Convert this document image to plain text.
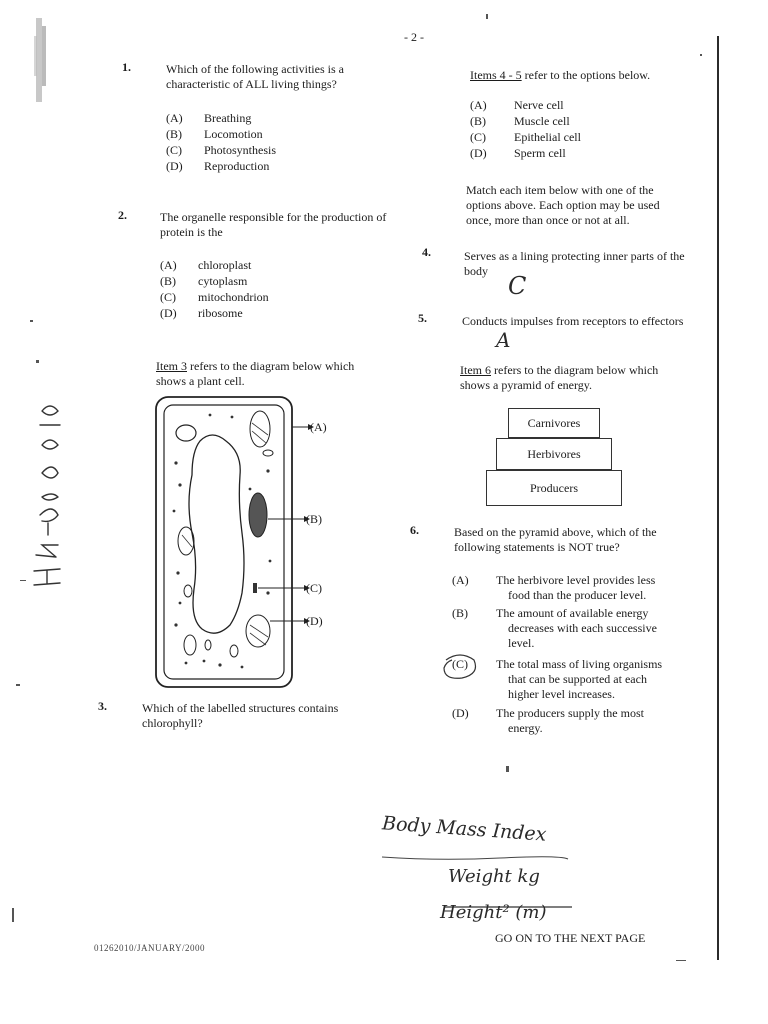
- 2 -
1.	Which of the following activities is a
characteristic of ALL living things?
(A) Breathing
(B) Locomotion
(C) Photosynthesis
(D) Reproduction
2.	The organelle responsible for the production of
protein is the
(A) chloroplast
(B) cytoplasm
(C) mitochondrion
(D) ribosome
Item 3 refers to the diagram below which
shows a plant cell.
(A)
(B)
(C)
(D)
3.	Which of the labelled structures contains
chlorophyll?
Items 4 - 5 refer to the options below.
(A) Nerve cell
(B) Muscle cell
(C) Epithelial cell
(D) Sperm cell
Match each item below with one of the
options above. Each option may be used
once, more than once or not at all.
4.	Serves as a lining protecting inner parts of the
body
C
5.	Conducts impulses from receptors to effectors
A
Item 6 refers to the diagram below which
shows a pyramid of energy.
Carnivores
Herbivores
Producers
6.	Based on the pyramid above, which of the
following statements is NOT true?
(A) The herbivore level provides less
food than the producer level.
(B) The amount of available energy
decreases with each successive
level.
(C) The total mass of living organisms
that can be supported at each
higher level increases.
(D) The producers supply the most
energy.
Body Mass Index
Weight kg
Height² (m)
01262010/JANUARY/2000
GO ON TO THE NEXT PAGE
